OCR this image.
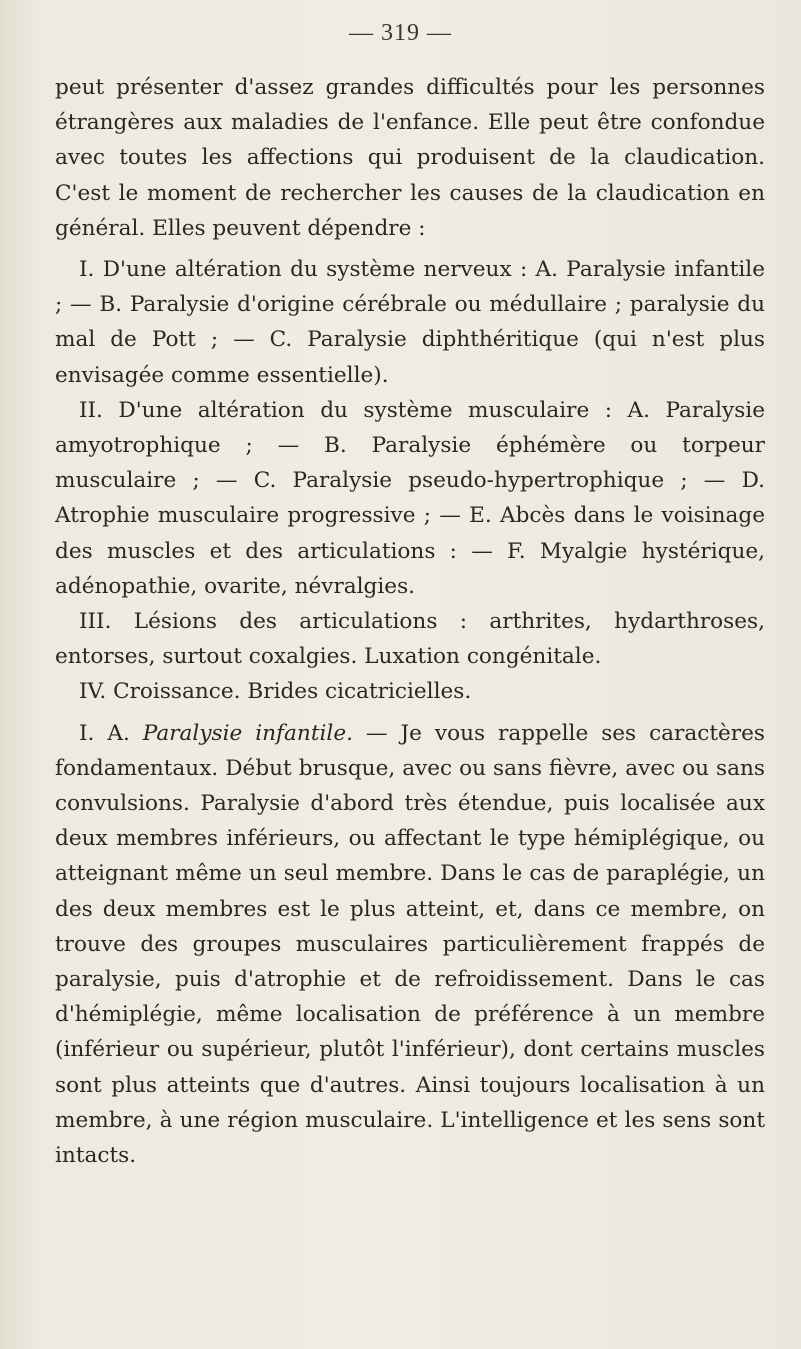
— 319 —

peut présenter d'assez grandes difficultés pour les personnes étrangères aux maladies de l'enfance. Elle peut être confondue avec toutes les affections qui produisent de la claudication. C'est le moment de rechercher les causes de la claudication en général. Elles peuvent dépendre :

I. D'une altération du système nerveux : A. Paralysie infantile ; — B. Paralysie d'origine cérébrale ou médullaire ; paralysie du mal de Pott ; — C. Paralysie diphthéritique (qui n'est plus envisagée comme essentielle).

II. D'une altération du système musculaire : A. Paralysie amyotrophique ; — B. Paralysie éphémère ou torpeur musculaire ; — C. Paralysie pseudo-hypertrophique ; — D. Atrophie musculaire progressive ; — E. Abcès dans le voisinage des muscles et des articulations : — F. Myalgie hystérique, adénopathie, ovarite, névralgies.

III. Lésions des articulations : arthrites, hydarthroses, entorses, surtout coxalgies. Luxation congénitale.

IV. Croissance. Brides cicatricielles.

I. A. Paralysie infantile. — Je vous rappelle ses caractères fondamentaux. Début brusque, avec ou sans fièvre, avec ou sans convulsions. Paralysie d'abord très étendue, puis localisée aux deux membres inférieurs, ou affectant le type hémiplégique, ou atteignant même un seul membre. Dans le cas de paraplégie, un des deux membres est le plus atteint, et, dans ce membre, on trouve des groupes musculaires particulièrement frappés de paralysie, puis d'atrophie et de refroidissement. Dans le cas d'hémiplégie, même localisation de préférence à un membre (inférieur ou supérieur, plutôt l'inférieur), dont certains muscles sont plus atteints que d'autres. Ainsi toujours localisation à un membre, à une région musculaire. L'intelligence et les sens sont intacts.
